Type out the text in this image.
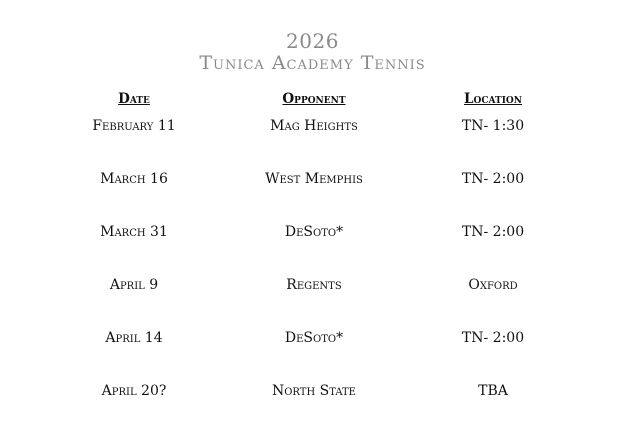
2026
Tunica Academy Tennis
Date	Opponent	Location
February 11	Mag Heights	TN- 1:30
March 16	West Memphis	TN- 2:00
March 31	DeSoto*	TN- 2:00
April 9	Regents	Oxford
April 14	DeSoto*	TN- 2:00
April 20?	North State	TBA
